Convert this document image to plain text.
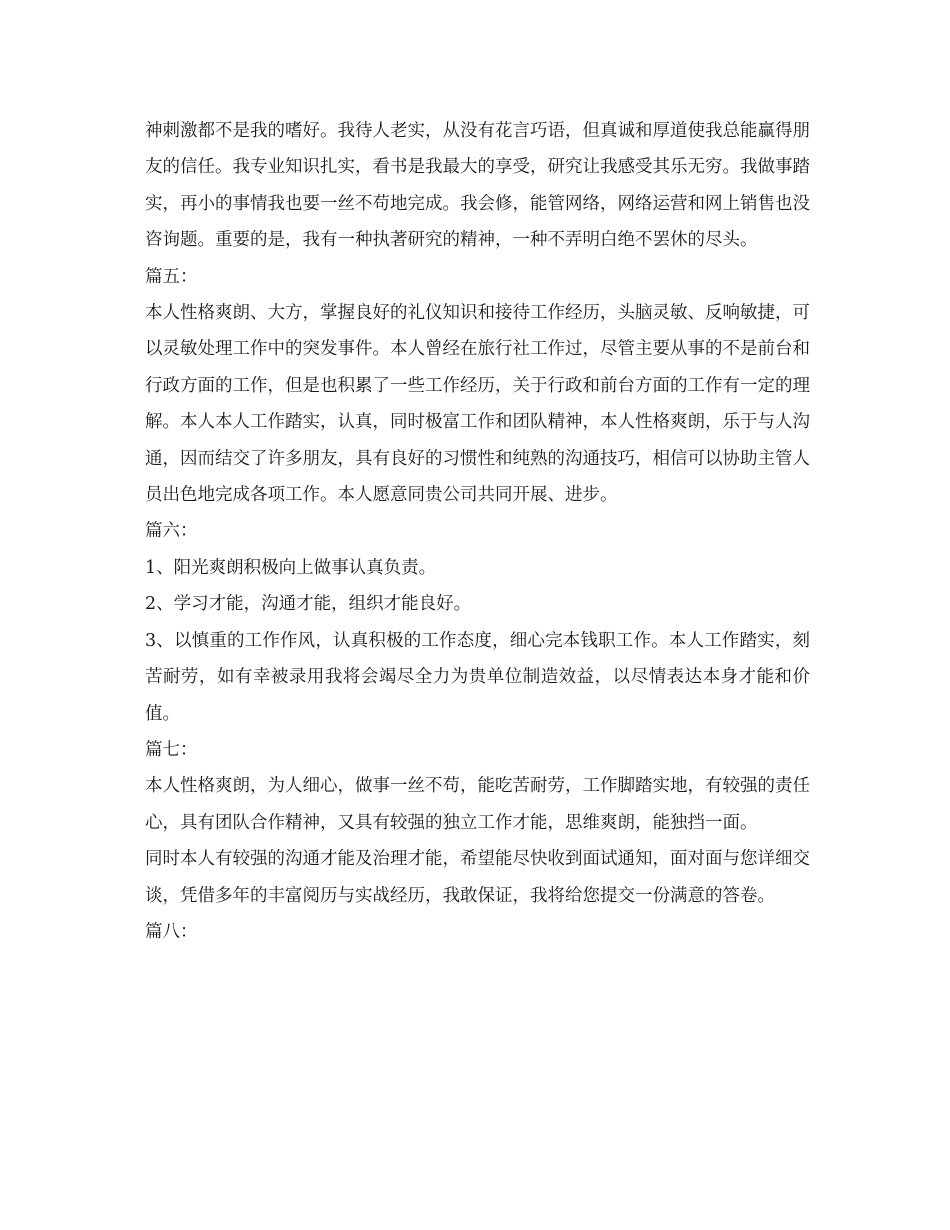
神刺激都不是我的嗜好。我待人老实，从没有花言巧语，但真诚和厚道使我总能赢得朋友的信任。我专业知识扎实，看书是我最大的享受，研究让我感受其乐无穷。我做事踏实，再小的事情我也要一丝不苟地完成。我会修，能管网络，网络运营和网上销售也没咨询题。重要的是，我有一种执著研究的精神，一种不弄明白绝不罢休的尽头。

篇五：

本人性格爽朗、大方，掌握良好的礼仪知识和接待工作经历，头脑灵敏、反响敏捷，可以灵敏处理工作中的突发事件。本人曾经在旅行社工作过，尽管主要从事的不是前台和行政方面的工作，但是也积累了一些工作经历，关于行政和前台方面的工作有一定的理解。本人本人工作踏实，认真，同时极富工作和团队精神，本人性格爽朗，乐于与人沟通，因而结交了许多朋友，具有良好的习惯性和纯熟的沟通技巧，相信可以协助主管人员出色地完成各项工作。本人愿意同贵公司共同开展、进步。

篇六：

1、阳光爽朗积极向上做事认真负责。

2、学习才能，沟通才能，组织才能良好。

3、以慎重的工作作风，认真积极的工作态度，细心完本钱职工作。本人工作踏实，刻苦耐劳，如有幸被录用我将会竭尽全力为贵单位制造效益，以尽情表达本身才能和价值。

篇七：

本人性格爽朗，为人细心，做事一丝不苟，能吃苦耐劳，工作脚踏实地，有较强的责任心，具有团队合作精神，又具有较强的独立工作才能，思维爽朗，能独挡一面。

同时本人有较强的沟通才能及治理才能，希望能尽快收到面试通知，面对面与您详细交谈，凭借多年的丰富阅历与实战经历，我敢保证，我将给您提交一份满意的答卷。

篇八：
